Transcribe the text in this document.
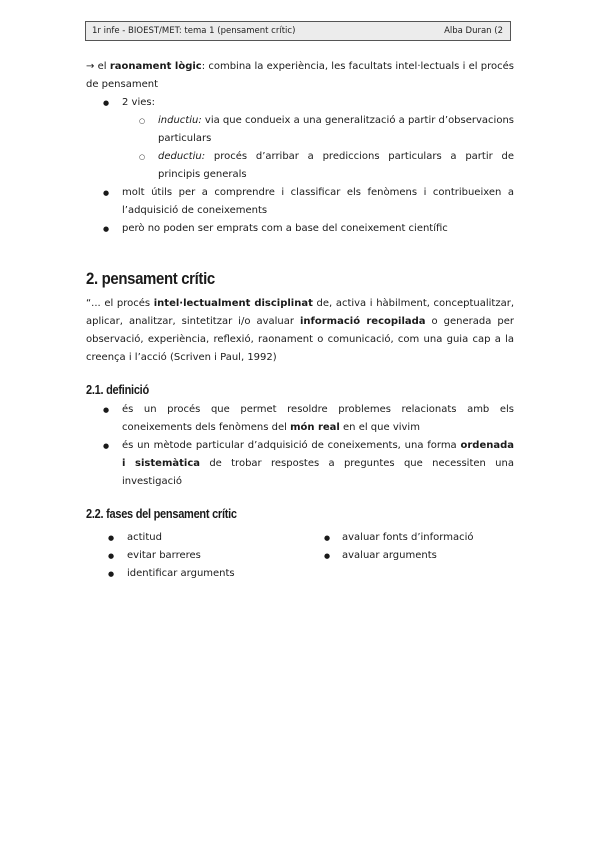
1r infe - BIOEST/MET: tema 1 (pensament crític)	Alba Duran (2

→ el raonament lògic: combina la experiència, les facultats intel·lectuals i el procés de pensament

● 2 vies:
○ inductiu: via que condueix a una generalització a partir d’observacions particulars
○ deductiu: procés d’arribar a prediccions particulars a partir de principis generals
● molt útils per a comprendre i classificar els fenòmens i contribueixen a l’adquisició de coneixements
● però no poden ser emprats com a base del coneixement científic
2. pensament crític

“... el procés intel·lectualment disciplinat de, activa i hàbilment, conceptualitzar, aplicar, analitzar, sintetitzar i/o avaluar informació recopilada o generada per observació, experiència, reflexió, raonament o comunicació, com una guia cap a la creença i l’acció (Scriven i Paul, 1992)

2.1. definició
● és un procés que permet resoldre problemes relacionats amb els coneixements dels fenòmens del món real en el que vivim
● és un mètode particular d’adquisició de coneixements, una forma ordenada i sistemàtica de trobar respostes a preguntes que necessiten una investigació
2.2. fases del pensament crític
● actitud
● evitar barreres
● identificar arguments
● avaluar fonts d’informació
● avaluar arguments
